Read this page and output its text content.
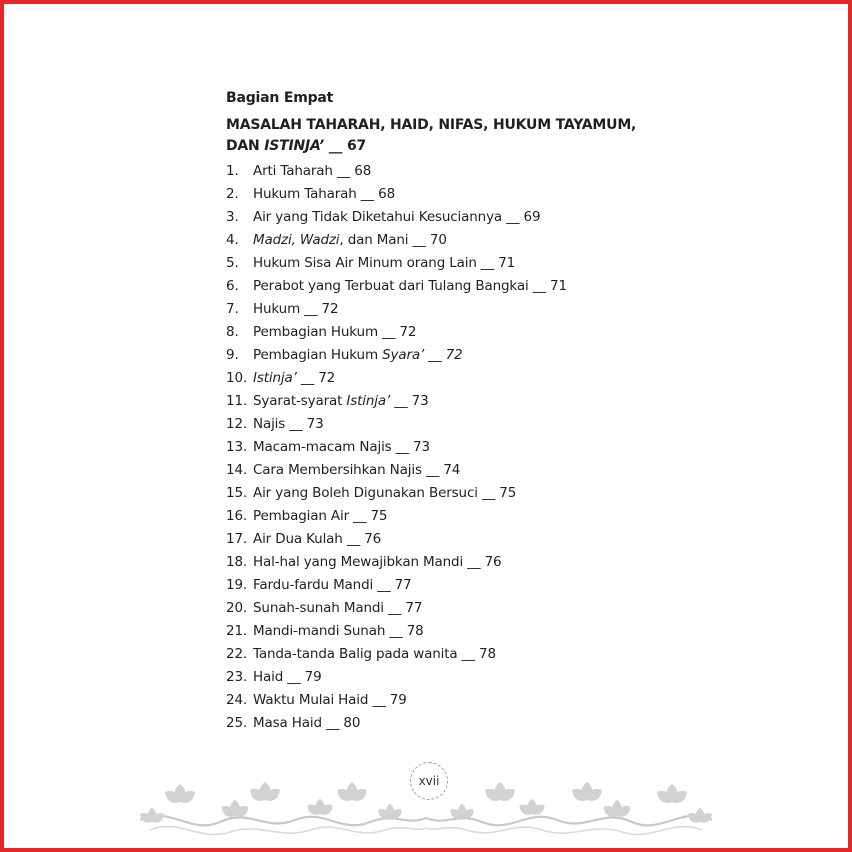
Bagian Empat
MASALAH TAHARAH, HAID, NIFAS, HUKUM TAYAMUM,
DAN ISTINJA’ __ 67
1.	Arti Taharah __ 68
2.	Hukum Taharah __ 68
3.	Air yang Tidak Diketahui Kesuciannya __ 69
4.	Madzi, Wadzi, dan Mani __ 70
5.	Hukum Sisa Air Minum orang Lain __ 71
6.	Perabot yang Terbuat dari Tulang Bangkai __ 71
7.	Hukum __ 72
8.	Pembagian Hukum __ 72
9.	Pembagian Hukum Syara’ __ 72
10. Istinja’ __ 72
11. Syarat-syarat Istinja’ __ 73
12. Najis __ 73
13. Macam-macam Najis __ 73
14. Cara Membersihkan Najis __ 74
15. Air yang Boleh Digunakan Bersuci __ 75
16. Pembagian Air __ 75
17. Air Dua Kulah __ 76
18. Hal-hal yang Mewajibkan Mandi __ 76
19. Fardu-fardu Mandi __ 77
20. Sunah-sunah Mandi __ 77
21. Mandi-mandi Sunah __ 78
22. Tanda-tanda Balig pada wanita __ 78
23. Haid __ 79
24. Waktu Mulai Haid __ 79
25. Masa Haid __ 80
xvii
